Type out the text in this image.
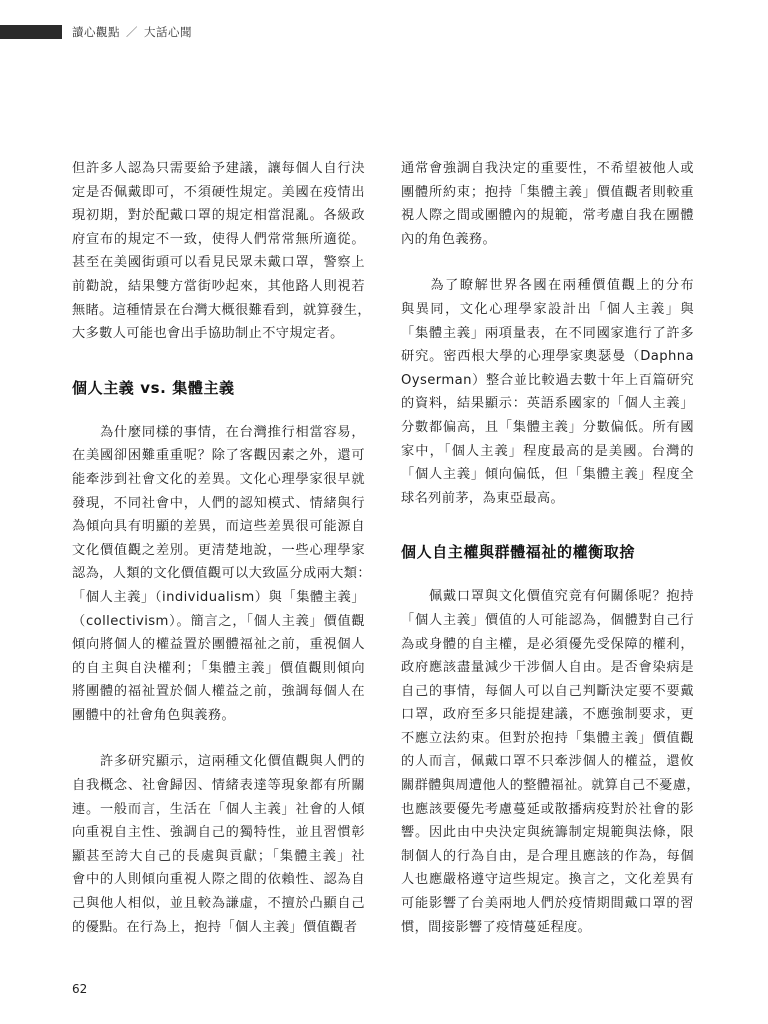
讀心觀點 ／ 大話心聞

但許多人認為只需要給予建議，讓每個人自行決
定是否佩戴即可，不須硬性規定。美國在疫情出
現初期，對於配戴口罩的規定相當混亂。各級政
府宣布的規定不一致，使得人們常常無所適從。
甚至在美國街頭可以看見民眾未戴口罩，警察上
前勸說，結果雙方當街吵起來，其他路人則視若
無睹。這種情景在台灣大概很難看到，就算發生，
大多數人可能也會出手協助制止不守規定者。

個人主義 vs. 集體主義

　　為什麼同樣的事情，在台灣推行相當容易，
在美國卻困難重重呢？除了客觀因素之外，還可
能牽涉到社會文化的差異。文化心理學家很早就
發現，不同社會中，人們的認知模式、情緒與行
為傾向具有明顯的差異，而這些差異很可能源自
文化價值觀之差別。更清楚地說，一些心理學家
認為，人類的文化價值觀可以大致區分成兩大類：
「個人主義」（individualism）與「集體主義」
（collectivism）。簡言之，「個人主義」價值觀
傾向將個人的權益置於團體福祉之前，重視個人
的自主與自決權利；「集體主義」價值觀則傾向
將團體的福祉置於個人權益之前，強調每個人在
團體中的社會角色與義務。

　　許多研究顯示，這兩種文化價值觀與人們的
自我概念、社會歸因、情緒表達等現象都有所關
連。一般而言，生活在「個人主義」社會的人傾
向重視自主性、強調自己的獨特性，並且習慣彰
顯甚至誇大自己的長處與貢獻；「集體主義」社
會中的人則傾向重視人際之間的依賴性、認為自
己與他人相似，並且較為謙虛，不擅於凸顯自己
的優點。在行為上，抱持「個人主義」價值觀者

通常會強調自我決定的重要性，不希望被他人或
團體所約束；抱持「集體主義」價值觀者則較重
視人際之間或團體內的規範，常考慮自我在團體
內的角色義務。

　　為了瞭解世界各國在兩種價值觀上的分布
與異同，文化心理學家設計出「個人主義」與
「集體主義」兩項量表，在不同國家進行了許多
研究。密西根大學的心理學家奧瑟曼（Daphna
Oyserman）整合並比較過去數十年上百篇研究
的資料，結果顯示：英語系國家的「個人主義」
分數都偏高，且「集體主義」分數偏低。所有國
家中，「個人主義」程度最高的是美國。台灣的
「個人主義」傾向偏低，但「集體主義」程度全
球名列前茅，為東亞最高。

個人自主權與群體福祉的權衡取捨

　　佩戴口罩與文化價值究竟有何關係呢？抱持
「個人主義」價值的人可能認為，個體對自己行
為或身體的自主權，是必須優先受保障的權利，
政府應該盡量減少干涉個人自由。是否會染病是
自己的事情，每個人可以自己判斷決定要不要戴
口罩，政府至多只能提建議，不應強制要求，更
不應立法約束。但對於抱持「集體主義」價值觀
的人而言，佩戴口罩不只牽涉個人的權益，還攸
關群體與周遭他人的整體福祉。就算自己不憂慮，
也應該要優先考慮蔓延或散播病疫對於社會的影
響。因此由中央決定與統籌制定規範與法條，限
制個人的行為自由，是合理且應該的作為，每個
人也應嚴格遵守這些規定。換言之，文化差異有
可能影響了台美兩地人們於疫情期間戴口罩的習
慣，間接影響了疫情蔓延程度。

62
